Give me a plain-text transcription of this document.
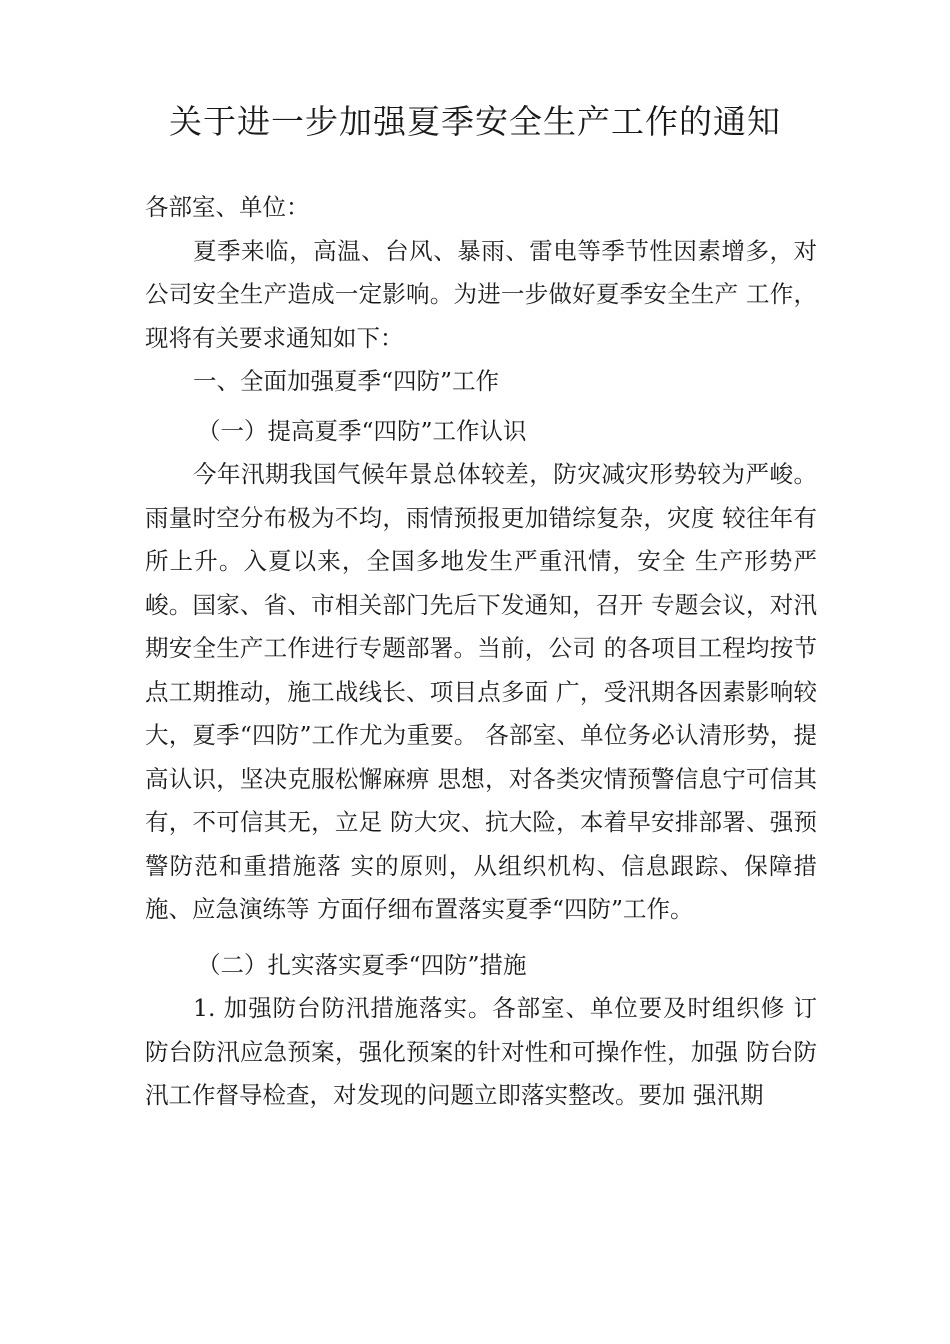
关于进一步加强夏季安全生产工作的通知

各部室、单位：

夏季来临，高温、台风、暴雨、雷电等季节性因素增多，对公司安全生产造成一定影响。为进一步做好夏季安全生产 工作，现将有关要求通知如下：

一、全面加强夏季“四防”工作

（一）提高夏季“四防”工作认识

今年汛期我国气候年景总体较差，防灾减灾形势较为严峻。雨量时空分布极为不均，雨情预报更加错综复杂，灾度 较往年有所上升。入夏以来，全国多地发生严重汛情，安全 生产形势严峻。国家、省、市相关部门先后下发通知，召开 专题会议，对汛期安全生产工作进行专题部署。当前，公司 的各项目工程均按节点工期推动，施工战线长、项目点多面 广，受汛期各因素影响较大，夏季“四防”工作尤为重要。 各部室、单位务必认清形势，提高认识，坚决克服松懈麻痹 思想，对各类灾情预警信息宁可信其有，不可信其无，立足 防大灾、抗大险，本着早安排部署、强预警防范和重措施落 实的原则，从组织机构、信息跟踪、保障措施、应急演练等 方面仔细布置落实夏季“四防”工作。

（二）扎实落实夏季“四防”措施

1. 加强防台防汛措施落实。各部室、单位要及时组织修 订防台防汛应急预案，强化预案的针对性和可操作性，加强 防台防汛工作督导检查，对发现的问题立即落实整改。要加 强汛期
